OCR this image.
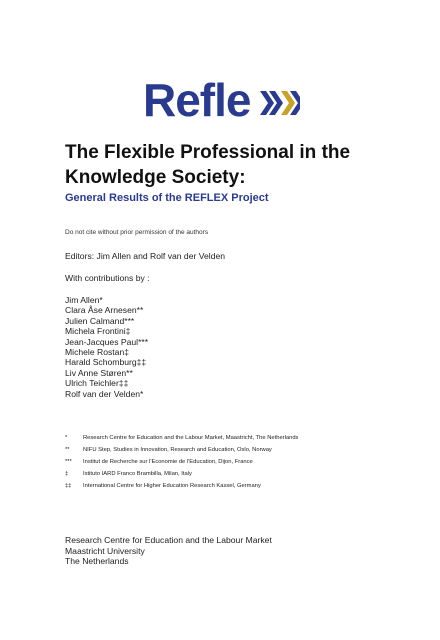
Refle
The Flexible Professional in the Knowledge Society:
General Results of the REFLEX Project
Do not cite without prior permission of the authors
Editors: Jim Allen and Rolf van der Velden
With contributions by :
Jim Allen*
Clara Åse Arnesen**
Julien Calmand***
Michela Frontini‡
Jean-Jacques Paul***
Michele Rostan‡
Harald Schomburg‡‡
Liv Anne Støren**
Ulrich Teichler‡‡
Rolf van der Velden*
*	Research Centre for Education and the Labour Market, Maastricht, The Netherlands
** NIFU Step, Studies in Innovation, Research and Education, Oslo, Norway
*** Institut de Recherche sur l'Economie de l'Education, Dijon, France
‡	Istituto IARD Franco Brambilla, Milan, Italy
‡‡ International Centre for Higher Education Research Kassel, Germany
Research Centre for Education and the Labour Market
Maastricht University
The Netherlands
